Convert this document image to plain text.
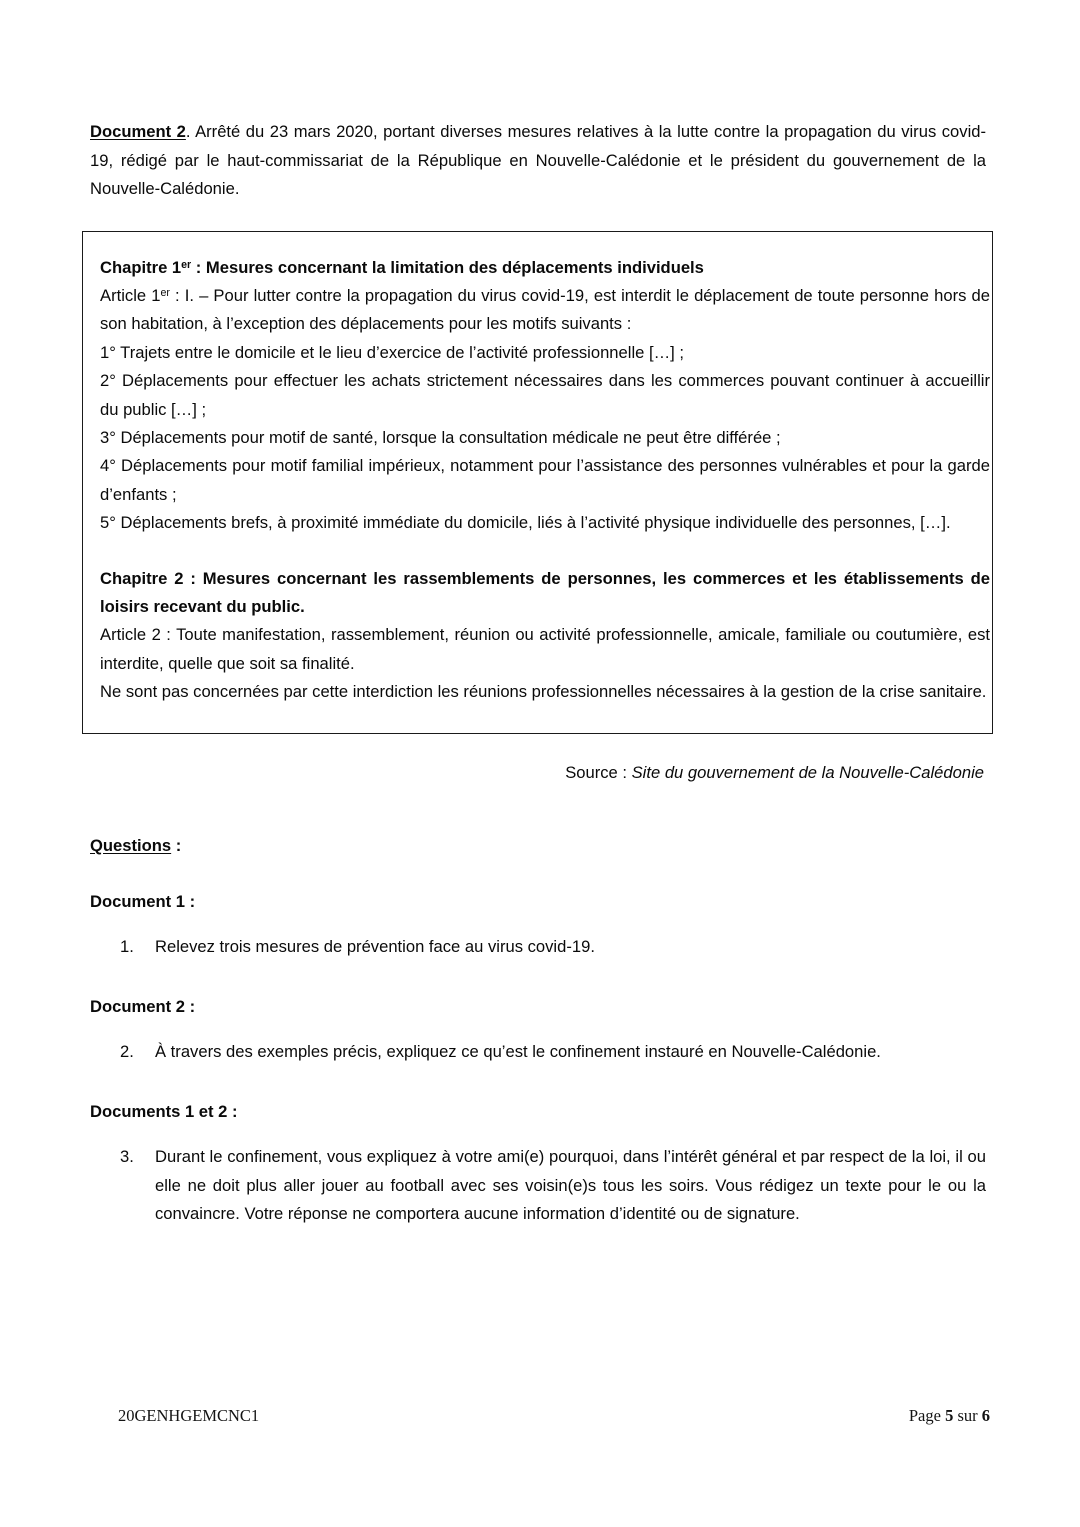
Document 2. Arrêté du 23 mars 2020, portant diverses mesures relatives à la lutte contre la propagation du virus covid-19, rédigé par le haut-commissariat de la République en Nouvelle-Calédonie et le président du gouvernement de la Nouvelle-Calédonie.

Chapitre 1er : Mesures concernant la limitation des déplacements individuels

Article 1er : I. – Pour lutter contre la propagation du virus covid-19, est interdit le déplacement de toute personne hors de son habitation, à l’exception des déplacements pour les motifs suivants :

1° Trajets entre le domicile et le lieu d’exercice de l’activité professionnelle […] ;

2° Déplacements pour effectuer les achats strictement nécessaires dans les commerces pouvant continuer à accueillir du public […] ;

3° Déplacements pour motif de santé, lorsque la consultation médicale ne peut être différée ;

4° Déplacements pour motif familial impérieux, notamment pour l’assistance des personnes vulnérables et pour la garde d’enfants ;

5° Déplacements brefs, à proximité immédiate du domicile, liés à l’activité physique individuelle des personnes, […].

Chapitre 2 : Mesures concernant les rassemblements de personnes, les commerces et les établissements de loisirs recevant du public.

Article 2 : Toute manifestation, rassemblement, réunion ou activité professionnelle, amicale, familiale ou coutumière, est interdite, quelle que soit sa finalité.

Ne sont pas concernées par cette interdiction les réunions professionnelles nécessaires à la gestion de la crise sanitaire.

Source : Site du gouvernement de la Nouvelle-Calédonie
Questions :
Document 1 :
1.	Relevez trois mesures de prévention face au virus covid-19.
Document 2 :
2.	À travers des exemples précis, expliquez ce qu’est le confinement instauré en Nouvelle-Calédonie.
Documents 1 et 2 :
3.	Durant le confinement, vous expliquez à votre ami(e) pourquoi, dans l’intérêt général et par respect de la loi, il ou elle ne doit plus aller jouer au football avec ses voisin(e)s tous les soirs. Vous rédigez un texte pour le ou la convaincre. Votre réponse ne comportera aucune information d’identité ou de signature.
20GENHGEMCNC1	Page 5 sur 6
